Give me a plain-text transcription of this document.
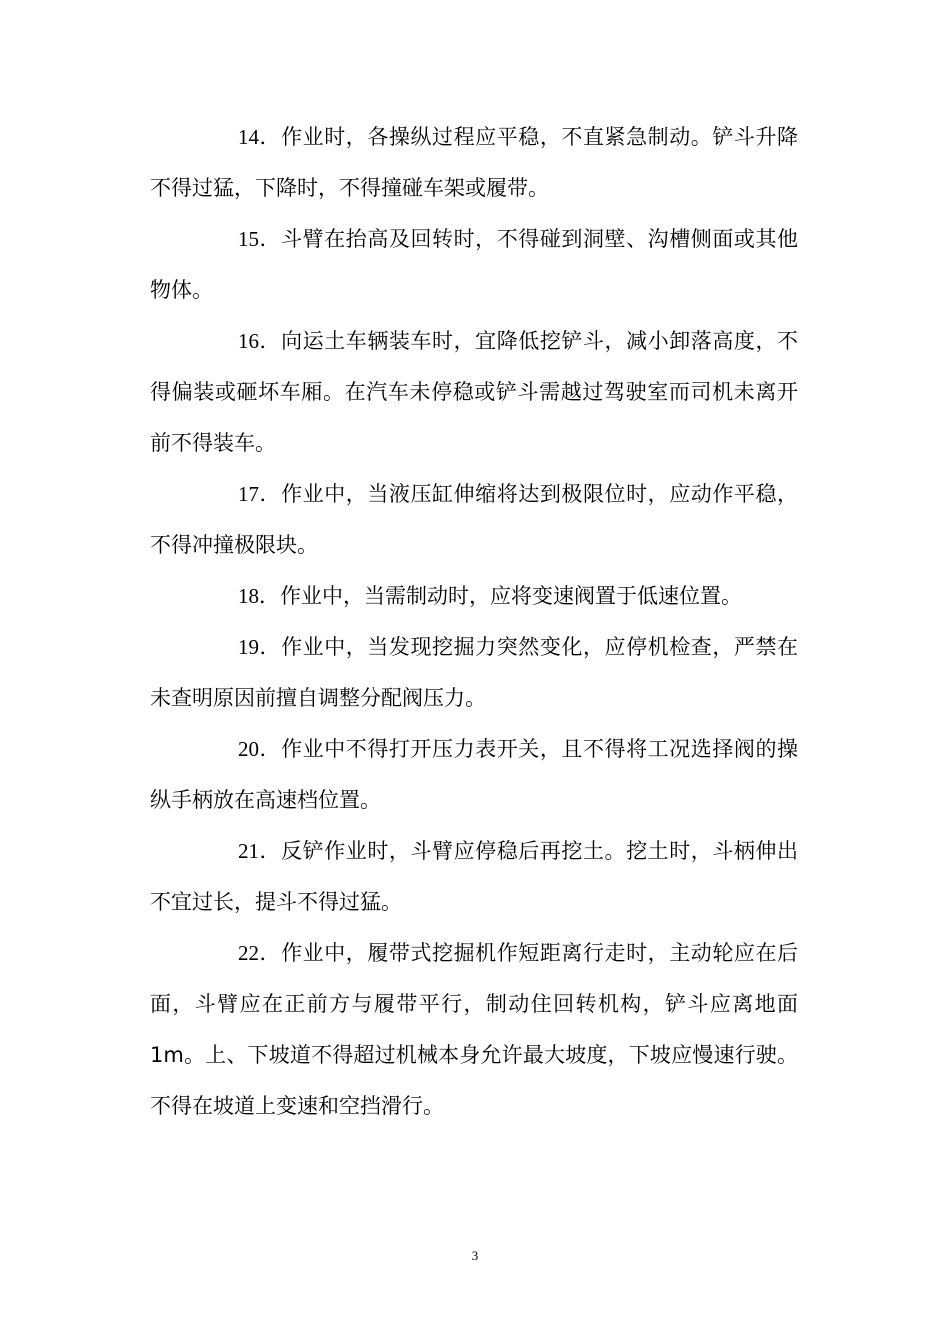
14．作业时，各操纵过程应平稳，不直紧急制动。铲斗升降不得过猛，下降时，不得撞碰车架或履带。

15．斗臂在抬高及回转时，不得碰到洞壁、沟槽侧面或其他物体。

16．向运土车辆装车时，宜降低挖铲斗，减小卸落高度，不得偏装或砸坏车厢。在汽车未停稳或铲斗需越过驾驶室而司机未离开前不得装车。

17．作业中，当液压缸伸缩将达到极限位时，应动作平稳，不得冲撞极限块。

18．作业中，当需制动时，应将变速阀置于低速位置。

19．作业中，当发现挖掘力突然变化，应停机检查，严禁在未查明原因前擅自调整分配阀压力。

20．作业中不得打开压力表开关，且不得将工况选择阀的操纵手柄放在高速档位置。

21．反铲作业时，斗臂应停稳后再挖土。挖土时，斗柄伸出不宜过长，提斗不得过猛。

22．作业中，履带式挖掘机作短距离行走时，主动轮应在后面，斗臂应在正前方与履带平行，制动住回转机构，铲斗应离地面 1m。上、下坡道不得超过机械本身允许最大坡度，下坡应慢速行驶。不得在坡道上变速和空挡滑行。

3
